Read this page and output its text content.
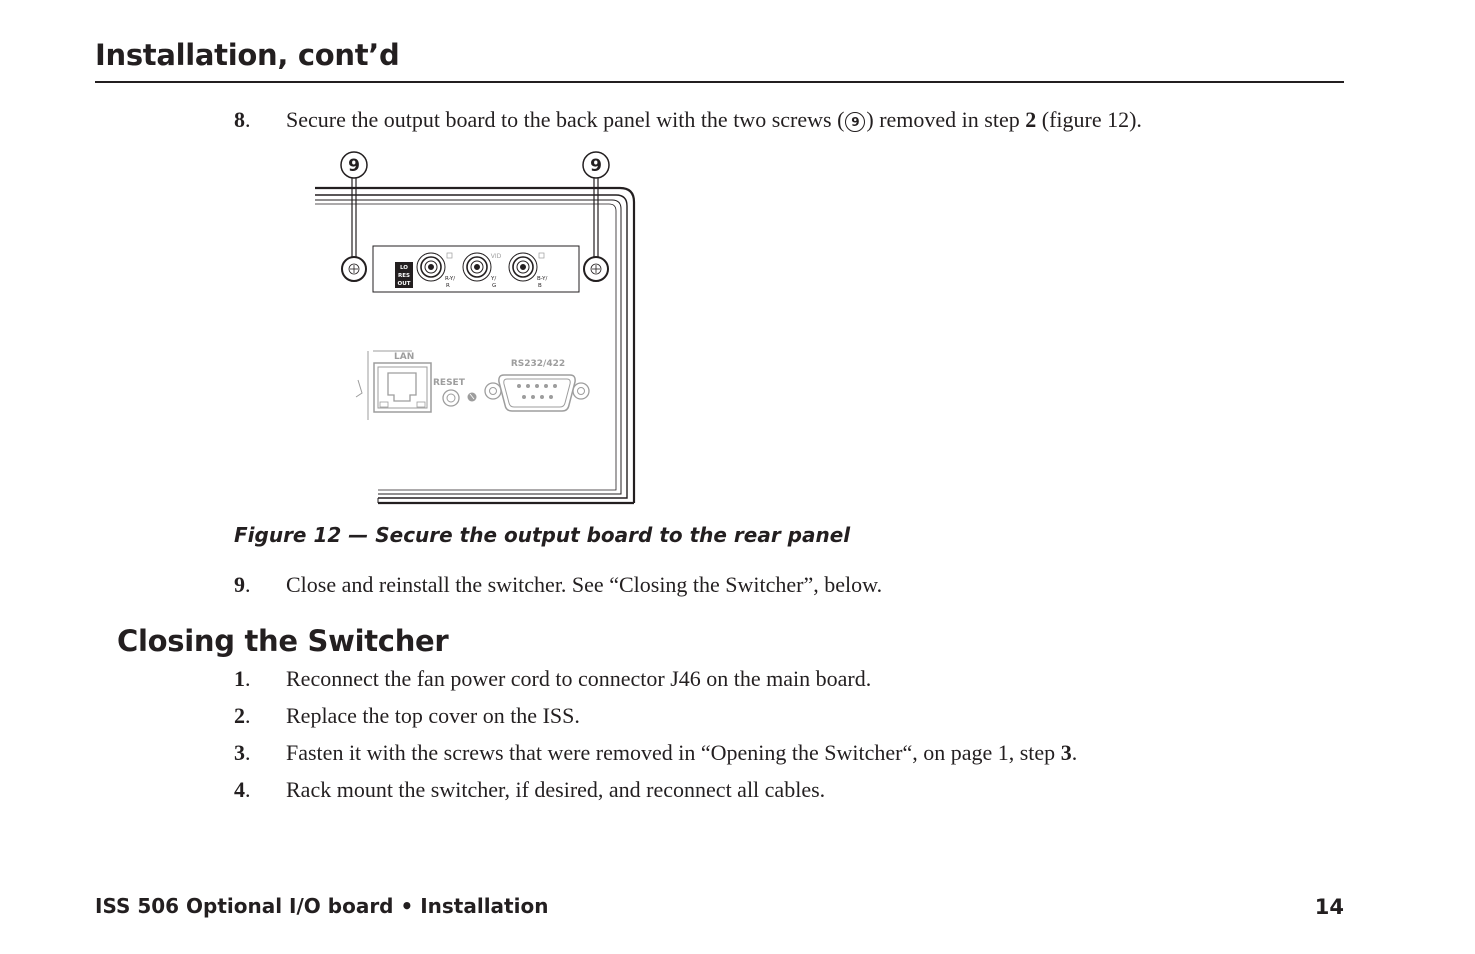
Installation, cont’d
8. Secure the output board to the back panel with the two screws ( 9 ) removed in step 2 (figure 12).
9	9
LO
RES
OUT
VID
R-Y/
R
Y/
G
B-Y/
B
LAN
RESET
RS232/422
Figure 12 — Secure the output board to the rear panel
9. Close and reinstall the switcher. See “Closing the Switcher”, below.
Closing the Switcher
1. Reconnect the fan power cord to connector J46 on the main board.
2. Replace the top cover on the ISS.
3. Fasten it with the screws that were removed in “Opening the Switcher“, on page 1, step 3.
4. Rack mount the switcher, if desired, and reconnect all cables.
ISS 506 Optional I/O board • Installation	14
